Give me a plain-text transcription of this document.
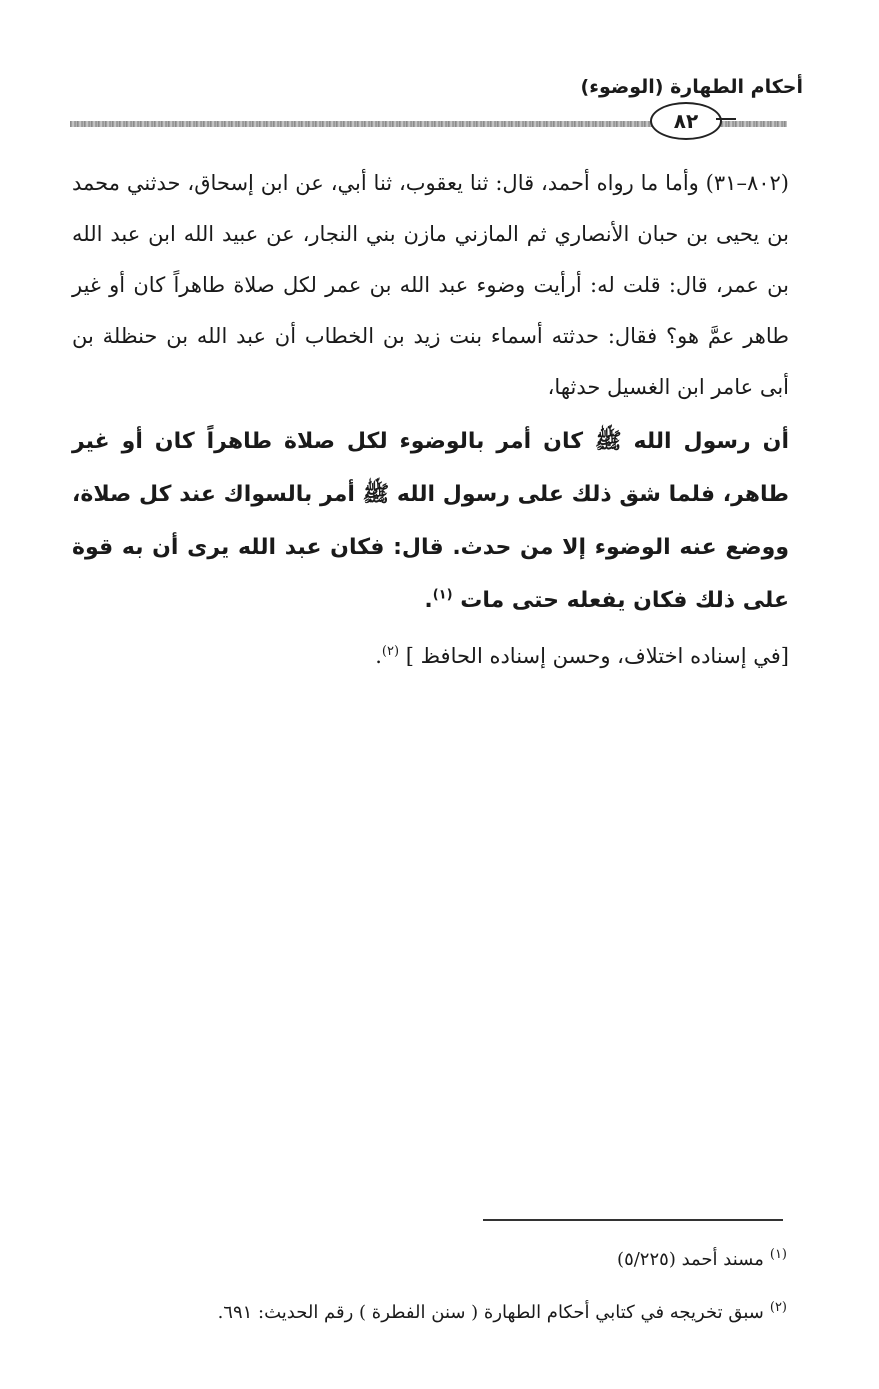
أحكام الطهارة (الوضوء)
٨٢

(٨٠٢–٣١) وأما ما رواه أحمد، قال: ثنا يعقوب، ثنا أبي، عن ابن إسحاق، حدثني محمد بن يحيى بن حبان الأنصاري ثم المازني مازن بني النجار، عن عبيد الله ابن عبد الله بن عمر، قال: قلت له: أرأيت وضوء عبد الله بن عمر لكل صلاة طاهراً كان أو غير طاهر عمَّ هو؟ فقال: حدثته أسماء بنت زيد بن الخطاب أن عبد الله بن حنظلة بن أبى عامر ابن الغسيل حدثها،

أن رسول الله ﷺ كان أمر بالوضوء لكل صلاة طاهراً كان أو غير طاهر، فلما شق ذلك على رسول الله ﷺ أمر بالسواك عند كل صلاة، ووضع عنه الوضوء إلا من حدث. قال: فكان عبد الله يرى أن به قوة على ذلك فكان يفعله حتى مات $^{(١)}$.

[في إسناده اختلاف، وحسن إسناده الحافظ ] $^{(٢)}$.

$^{(١)}$مسند أحمد (٥/٢٢٥)

$^{(٢)}$سبق تخريجه في كتابي أحكام الطهارة ( سنن الفطرة ) رقم الحديث: ٦٩١.
